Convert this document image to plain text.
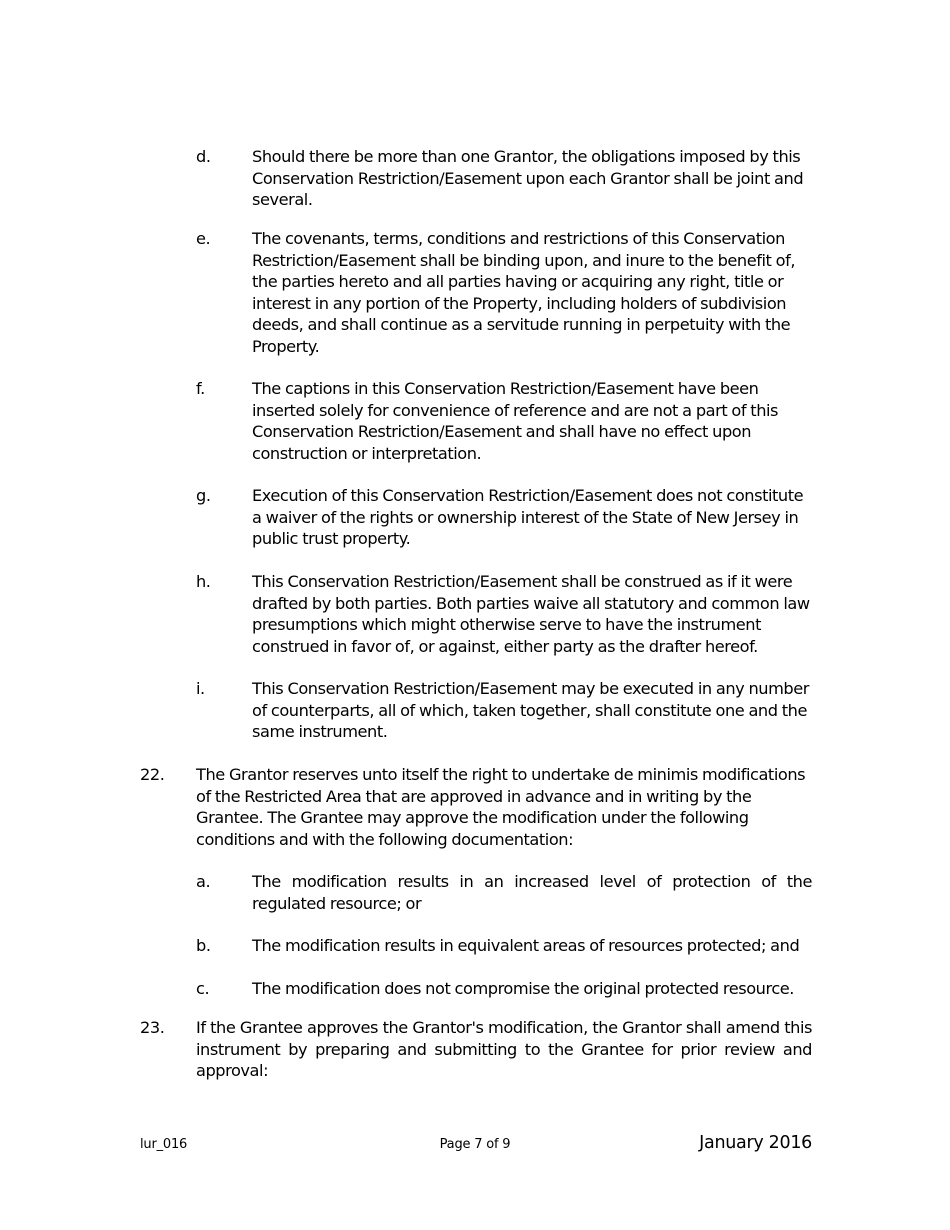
d.	Should there be more than one Grantor, the obligations imposed by this Conservation Restriction/Easement upon each Grantor shall be joint and several.
e.	The covenants, terms, conditions and restrictions of this Conservation Restriction/Easement shall be binding upon, and inure to the benefit of, the parties hereto and all parties having or acquiring any right, title or interest in any portion of the Property, including holders of subdivision deeds, and shall continue as a servitude running in perpetuity with the Property.
f.	The captions in this Conservation Restriction/Easement have been inserted solely for convenience of reference and are not a part of this Conservation Restriction/Easement and shall have no effect upon construction or interpretation.
g.	Execution of this Conservation Restriction/Easement does not constitute a waiver of the rights or ownership interest of the State of New Jersey in public trust property.
h.	This Conservation Restriction/Easement shall be construed as if it were drafted by both parties. Both parties waive all statutory and common law presumptions which might otherwise serve to have the instrument construed in favor of, or against, either party as the drafter hereof.
i.	This Conservation Restriction/Easement may be executed in any number of counterparts, all of which, taken together, shall constitute one and the same instrument.
22. The Grantor reserves unto itself the right to undertake de minimis modifications of the Restricted Area that are approved in advance and in writing by the Grantee. The Grantee may approve the modification under the following conditions and with the following documentation:
a.	The modification results in an increased level of protection of the regulated resource; or
b.	The modification results in equivalent areas of resources protected; and
c.	The modification does not compromise the original protected resource.
23. If the Grantee approves the Grantor's modification, the Grantor shall amend this instrument by preparing and submitting to the Grantee for prior review and approval:
lur_016	Page 7 of 9	January 2016
